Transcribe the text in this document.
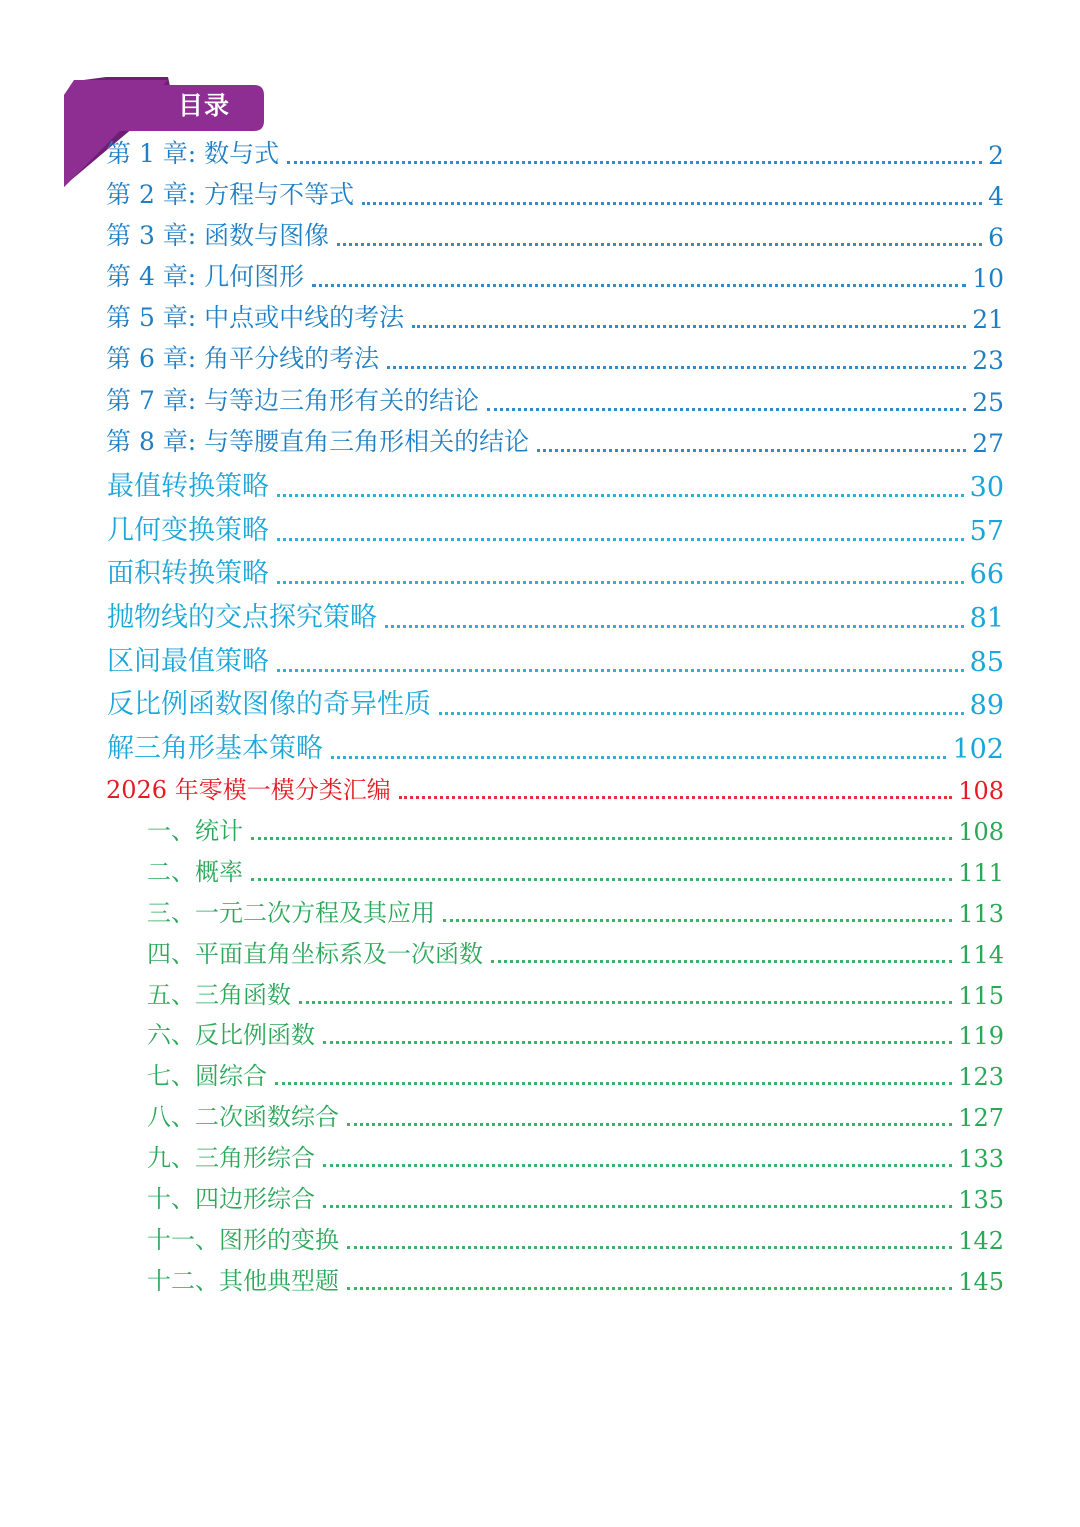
目录
第 1 章: 数与式	2
第 2 章: 方程与不等式	4
第 3 章: 函数与图像	6
第 4 章: 几何图形	10
第 5 章: 中点或中线的考法	21
第 6 章: 角平分线的考法	23
第 7 章: 与等边三角形有关的结论	25
第 8 章: 与等腰直角三角形相关的结论	27
最值转换策略	30
几何变换策略	57
面积转换策略	66
抛物线的交点探究策略	81
区间最值策略	85
反比例函数图像的奇异性质	89
解三角形基本策略	102
2026 年零模一模分类汇编	108
一、统计	108
二、概率	111
三、一元二次方程及其应用	113
四、平面直角坐标系及一次函数	114
五、三角函数	115
六、反比例函数	119
七、圆综合	123
八、二次函数综合	127
九、三角形综合	133
十、四边形综合	135
十一、图形的变换	142
十二、其他典型题	145
